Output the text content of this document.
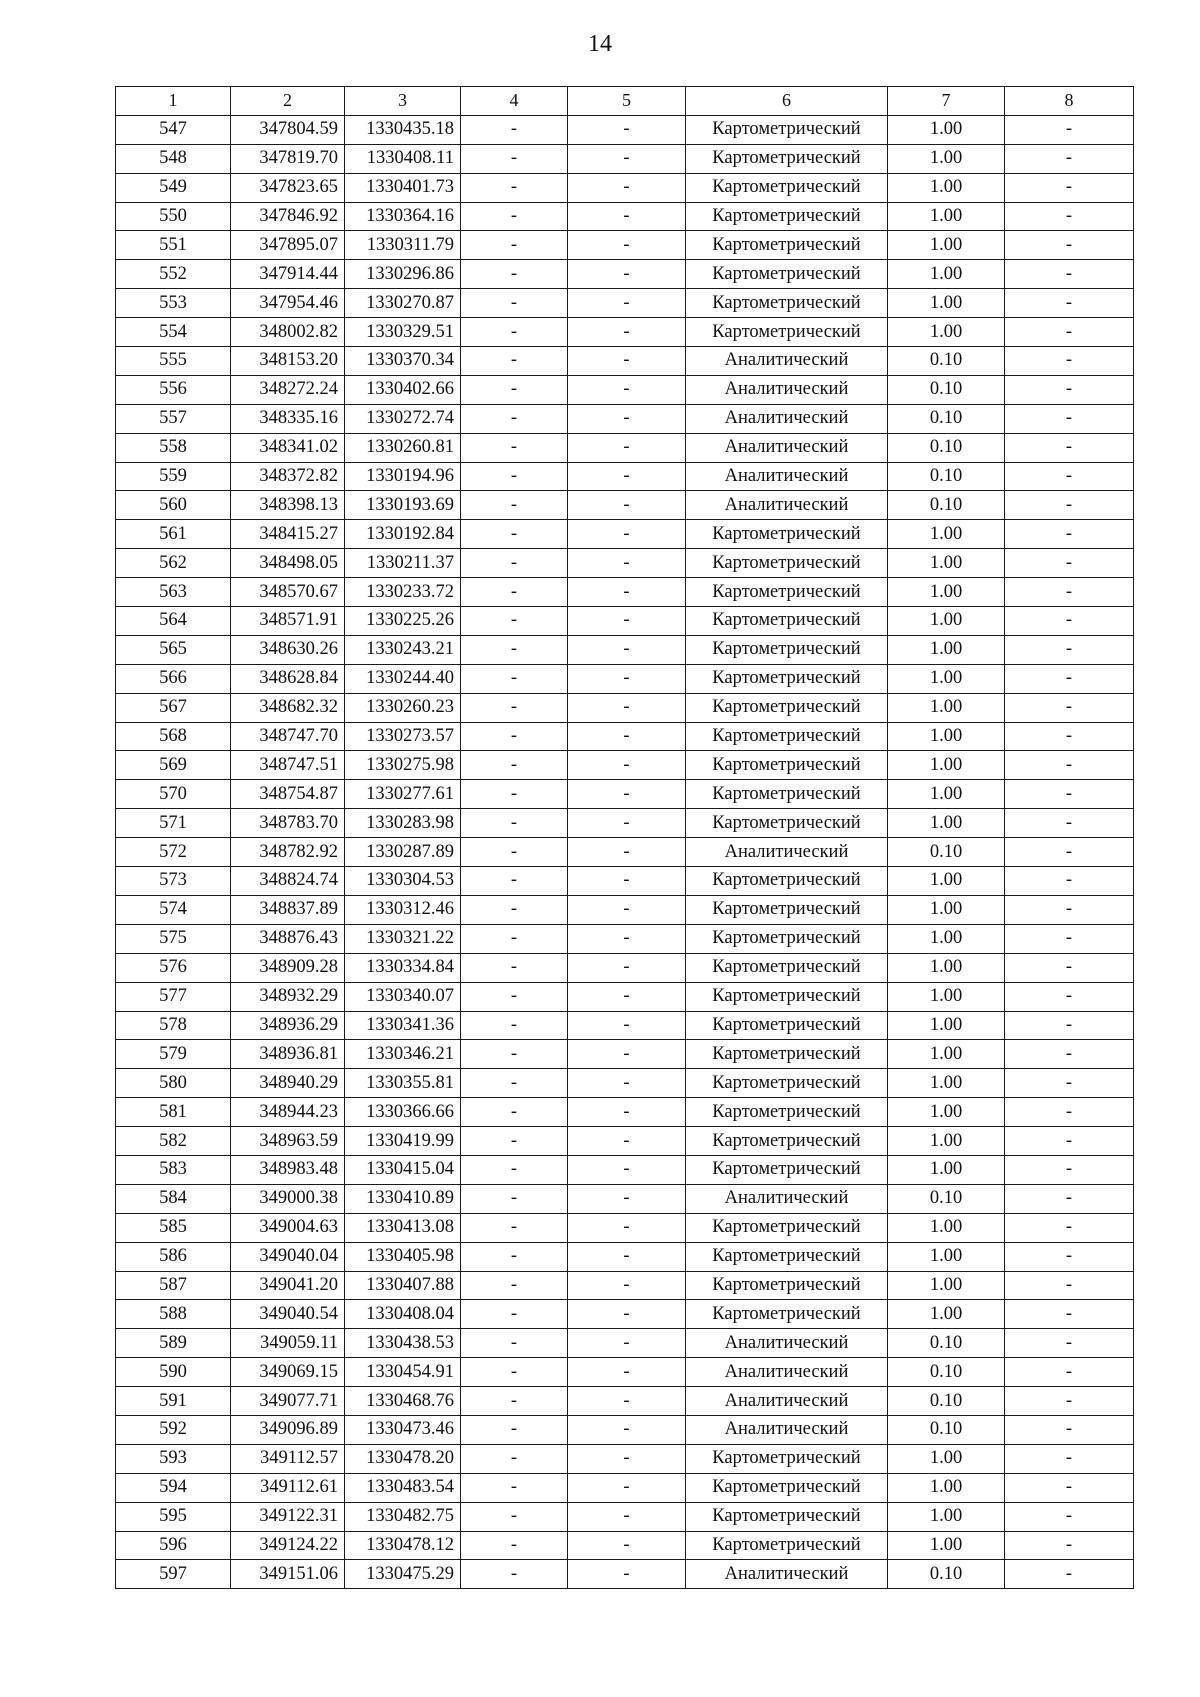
14
1	2	3	4	5	6	7	8
547	347804.59	1330435.18	-	-	Картометрический	1.00	-
548	347819.70	1330408.11	-	-	Картометрический	1.00	-
549	347823.65	1330401.73	-	-	Картометрический	1.00	-
550	347846.92	1330364.16	-	-	Картометрический	1.00	-
551	347895.07	1330311.79	-	-	Картометрический	1.00	-
552	347914.44	1330296.86	-	-	Картометрический	1.00	-
553	347954.46	1330270.87	-	-	Картометрический	1.00	-
554	348002.82	1330329.51	-	-	Картометрический	1.00	-
555	348153.20	1330370.34	-	-	Аналитический	0.10	-
556	348272.24	1330402.66	-	-	Аналитический	0.10	-
557	348335.16	1330272.74	-	-	Аналитический	0.10	-
558	348341.02	1330260.81	-	-	Аналитический	0.10	-
559	348372.82	1330194.96	-	-	Аналитический	0.10	-
560	348398.13	1330193.69	-	-	Аналитический	0.10	-
561	348415.27	1330192.84	-	-	Картометрический	1.00	-
562	348498.05	1330211.37	-	-	Картометрический	1.00	-
563	348570.67	1330233.72	-	-	Картометрический	1.00	-
564	348571.91	1330225.26	-	-	Картометрический	1.00	-
565	348630.26	1330243.21	-	-	Картометрический	1.00	-
566	348628.84	1330244.40	-	-	Картометрический	1.00	-
567	348682.32	1330260.23	-	-	Картометрический	1.00	-
568	348747.70	1330273.57	-	-	Картометрический	1.00	-
569	348747.51	1330275.98	-	-	Картометрический	1.00	-
570	348754.87	1330277.61	-	-	Картометрический	1.00	-
571	348783.70	1330283.98	-	-	Картометрический	1.00	-
572	348782.92	1330287.89	-	-	Аналитический	0.10	-
573	348824.74	1330304.53	-	-	Картометрический	1.00	-
574	348837.89	1330312.46	-	-	Картометрический	1.00	-
575	348876.43	1330321.22	-	-	Картометрический	1.00	-
576	348909.28	1330334.84	-	-	Картометрический	1.00	-
577	348932.29	1330340.07	-	-	Картометрический	1.00	-
578	348936.29	1330341.36	-	-	Картометрический	1.00	-
579	348936.81	1330346.21	-	-	Картометрический	1.00	-
580	348940.29	1330355.81	-	-	Картометрический	1.00	-
581	348944.23	1330366.66	-	-	Картометрический	1.00	-
582	348963.59	1330419.99	-	-	Картометрический	1.00	-
583	348983.48	1330415.04	-	-	Картометрический	1.00	-
584	349000.38	1330410.89	-	-	Аналитический	0.10	-
585	349004.63	1330413.08	-	-	Картометрический	1.00	-
586	349040.04	1330405.98	-	-	Картометрический	1.00	-
587	349041.20	1330407.88	-	-	Картометрический	1.00	-
588	349040.54	1330408.04	-	-	Картометрический	1.00	-
589	349059.11	1330438.53	-	-	Аналитический	0.10	-
590	349069.15	1330454.91	-	-	Аналитический	0.10	-
591	349077.71	1330468.76	-	-	Аналитический	0.10	-
592	349096.89	1330473.46	-	-	Аналитический	0.10	-
593	349112.57	1330478.20	-	-	Картометрический	1.00	-
594	349112.61	1330483.54	-	-	Картометрический	1.00	-
595	349122.31	1330482.75	-	-	Картометрический	1.00	-
596	349124.22	1330478.12	-	-	Картометрический	1.00	-
597	349151.06	1330475.29	-	-	Аналитический	0.10	-
